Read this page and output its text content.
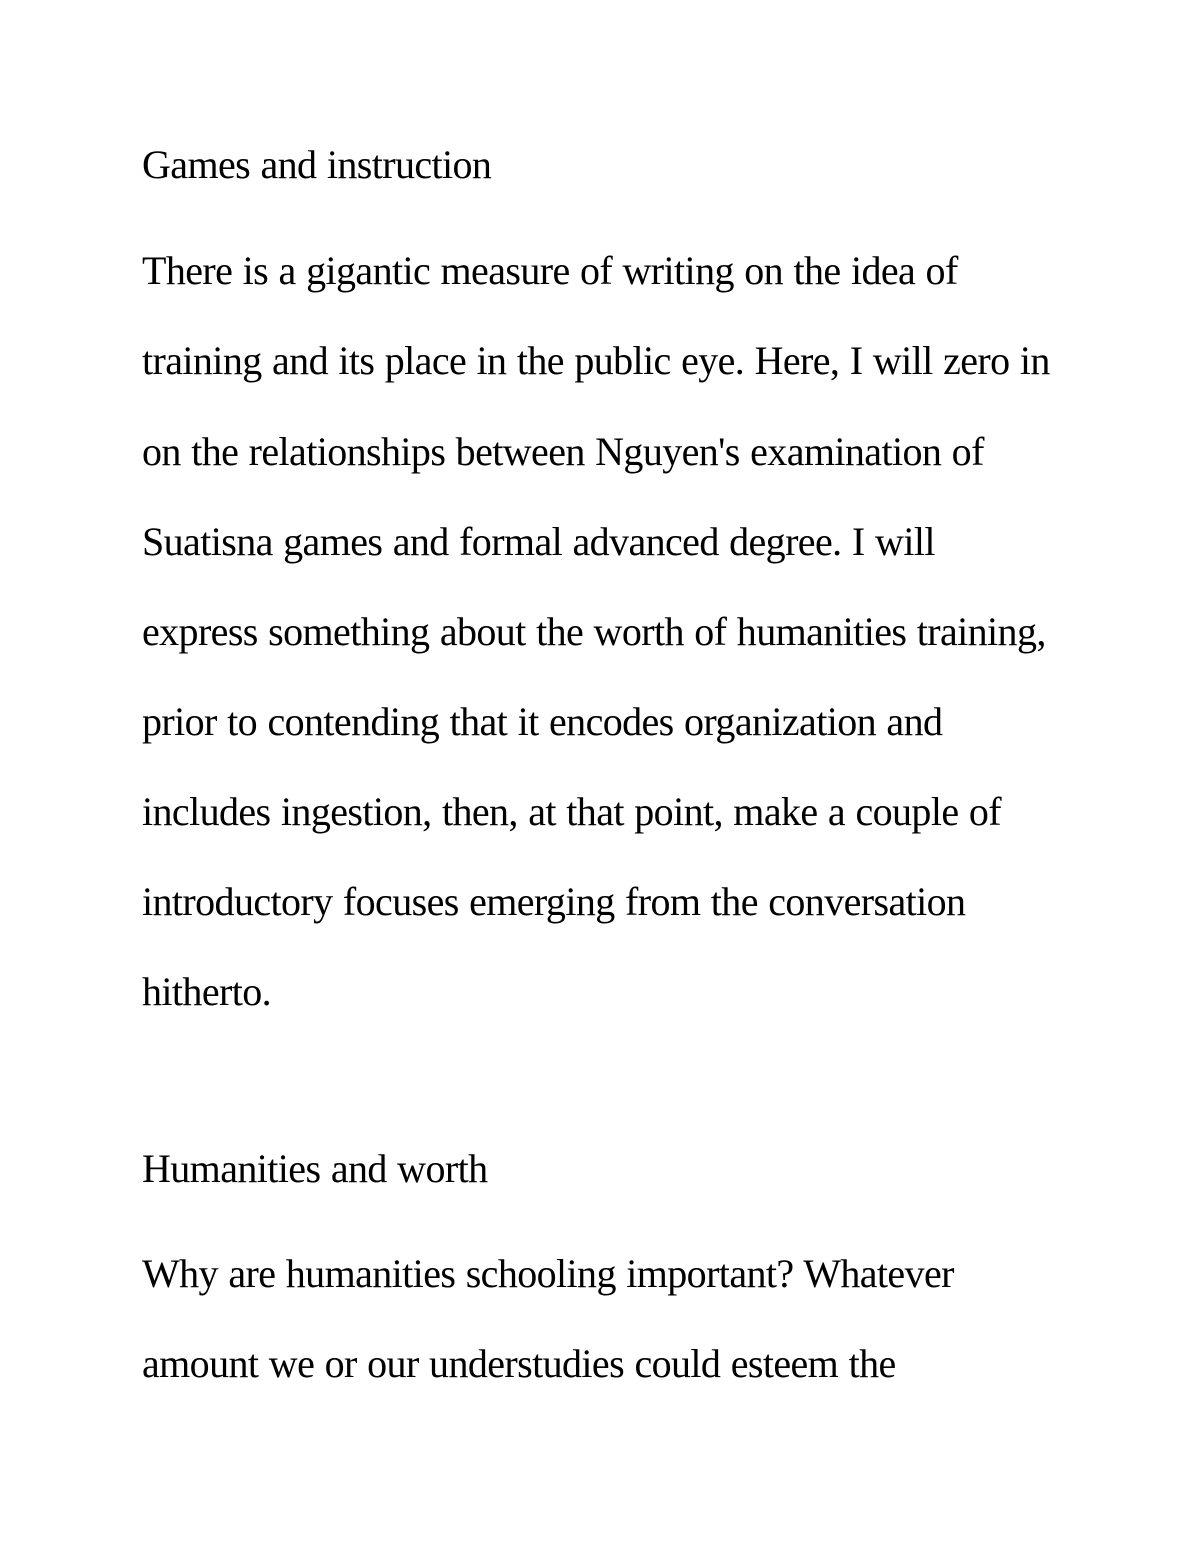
Games and instruction

There is a gigantic measure of writing on the idea of

training and its place in the public eye. Here, I will zero in

on the relationships between Nguyen's examination of

Suatisna games and formal advanced degree. I will

express something about the worth of humanities training,

prior to contending that it encodes organization and

includes ingestion, then, at that point, make a couple of

introductory focuses emerging from the conversation

hitherto.

Humanities and worth

Why are humanities schooling important? Whatever

amount we or our understudies could esteem the
